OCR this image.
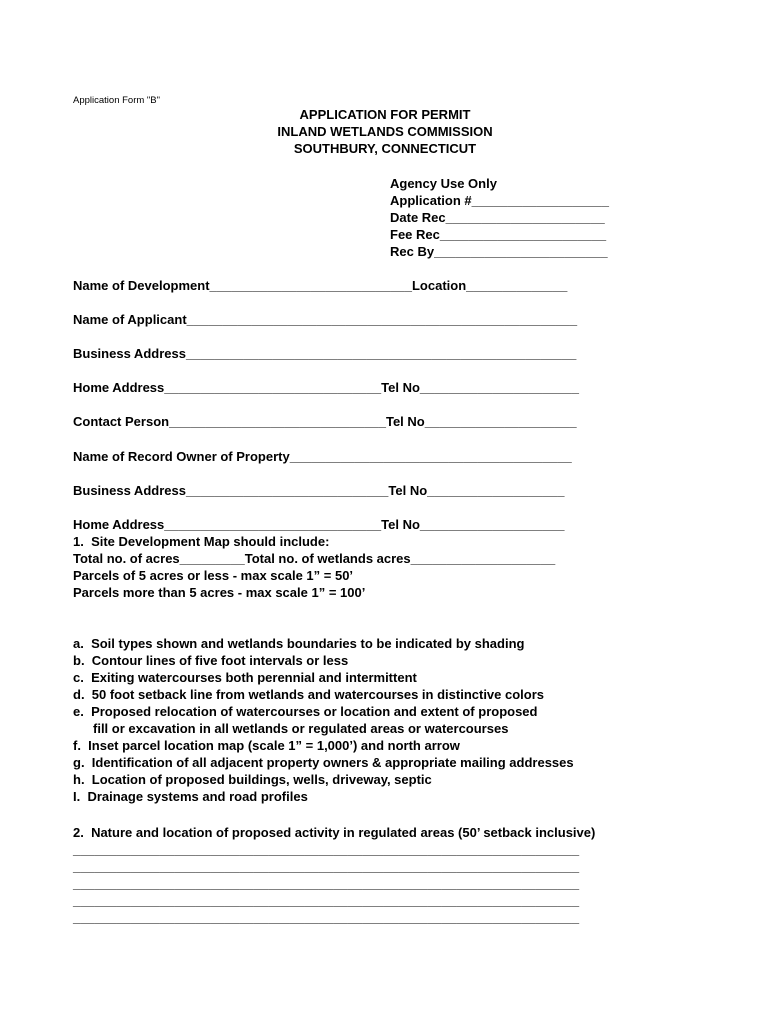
Application Form "B"
APPLICATION FOR PERMIT
INLAND WETLANDS COMMISSION
SOUTHBURY, CONNECTICUT
Agency Use Only
Application #___________________
Date Rec______________________
Fee Rec_______________________
Rec By________________________
Name of Development____________________________Location______________
Name of Applicant______________________________________________________
Business Address______________________________________________________
Home Address______________________________Tel No______________________
Contact Person______________________________Tel No_____________________
Name of Record Owner of Property_______________________________________
Business Address____________________________Tel No___________________
Home Address______________________________Tel No____________________
1.  Site Development Map should include:
Total no. of acres_________Total no. of wetlands acres____________________
Parcels of 5 acres or less - max scale 1” = 50’
Parcels more than 5 acres - max scale 1” = 100’
a.  Soil types shown and wetlands boundaries to be indicated by shading
b.  Contour lines of five foot intervals or less
c.  Exiting watercourses both perennial and intermittent
d.  50 foot setback line from wetlands and watercourses in distinctive colors
e.  Proposed relocation of watercourses or location and extent of proposed
fill or excavation in all wetlands or regulated areas or watercourses
f.  Inset parcel location map (scale 1” = 1,000’) and north arrow
g.  Identification of all adjacent property owners & appropriate mailing addresses
h.  Location of proposed buildings, wells, driveway, septic
I.  Drainage systems and road profiles
2.  Nature and location of proposed activity in regulated areas (50’ setback inclusive)
______________________________________________________________________
______________________________________________________________________
______________________________________________________________________
______________________________________________________________________
______________________________________________________________________
